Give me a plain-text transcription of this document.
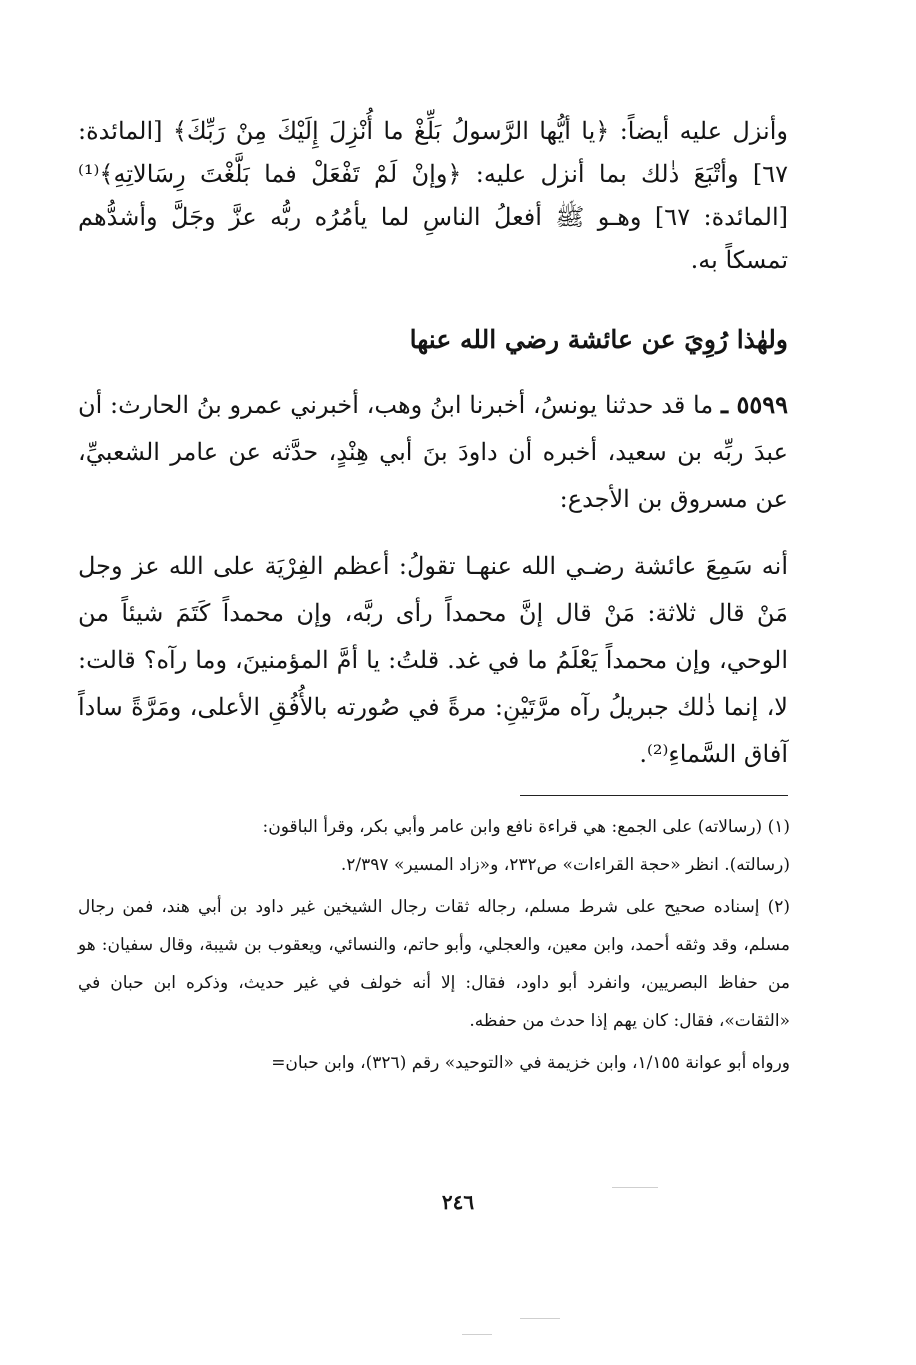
وأنزل عليه أيضاً: ﴿يا أيُّها الرَّسولُ بَلِّغْ ما أُنْزِلَ إِلَيْكَ مِنْ رَبِّكَ﴾ [المائدة: ٦٧] وأتْبَعَ ذٰلك بما أنزل عليه: ﴿وإنْ لَمْ تَفْعَلْ فما بَلَّغْتَ رِسَالاتِهِ﴾⁽¹⁾ [المائدة: ٦٧] وهـو ﷺ أفعلُ الناسِ لما يأمُرُه ربُّه عزَّ وجَلَّ وأشدُّهم تمسكاً به.

ولهٰذا رُوِيَ عن عائشة رضي الله عنها

٥٥٩٩ ـ ما قد حدثنا يونسُ، أخبرنا ابنُ وهب، أخبرني عمرو بنُ الحارث: أن عبدَ ربِّه بن سعيد، أخبره أن داودَ بنَ أبي هِنْدٍ، حدَّثه عن عامر الشعبيِّ، عن مسروق بن الأجدع:

أنه سَمِعَ عائشة رضـي الله عنهـا تقولُ: أعظم الفِرْيَة على الله عز وجل مَنْ قال ثلاثة: مَنْ قال إنَّ محمداً رأى ربَّه، وإن محمداً كَتَمَ شيئاً من الوحي، وإن محمداً يَعْلَمُ ما في غد. قلتُ: يا أمَّ المؤمنينَ، وما رآه؟ قالت: لا، إنما ذٰلك جبريلُ رآه مرَّتَيْنِ: مرةً في صُورته بالأُفُقِ الأعلى، ومَرَّةً ساداً آفاق السَّماءِ⁽²⁾.

(١) (رسالاته) على الجمع: هي قراءة نافع وابن عامر وأبي بكر، وقرأ الباقون:

(رسالته). انظر «حجة القراءات» ص٢٣٢، و«زاد المسير» ٢/٣٩٧.

(٢) إسناده صحيح على شرط مسلم، رجاله ثقات رجال الشيخين غير داود بن أبي هند، فمن رجال مسلم، وقد وثقه أحمد، وابن معين، والعجلي، وأبو حاتم، والنسائي، ويعقوب بن شيبة، وقال سفيان: هو من حفاظ البصريين، وانفرد أبو داود، فقال: إلا أنه خولف في غير حديث، وذكره ابن حبان في «الثقات»، فقال: كان يهم إذا حدث من حفظه.

ورواه أبو عوانة ١/١٥٥، وابن خزيمة في «التوحيد» رقم (٣٢٦)، وابن حبان=

٢٤٦
